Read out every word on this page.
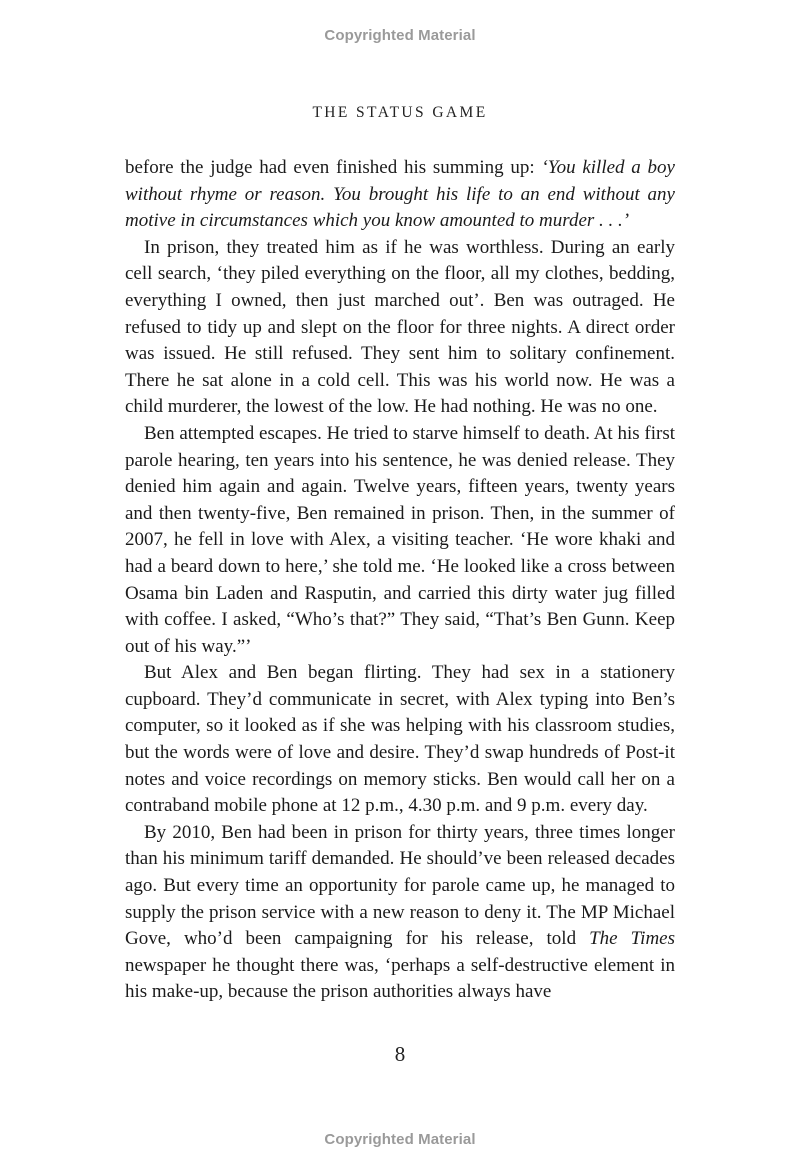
Copyrighted Material
THE STATUS GAME

before the judge had even finished his summing up: ‘You killed a boy without rhyme or reason. You brought his life to an end without any motive in circumstances which you know amounted to murder . . .’

In prison, they treated him as if he was worthless. During an early cell search, ‘they piled everything on the floor, all my clothes, bedding, everything I owned, then just marched out’. Ben was outraged. He refused to tidy up and slept on the floor for three nights. A direct order was issued. He still refused. They sent him to solitary confinement. There he sat alone in a cold cell. This was his world now. He was a child murderer, the lowest of the low. He had nothing. He was no one.

Ben attempted escapes. He tried to starve himself to death. At his first parole hearing, ten years into his sentence, he was denied release. They denied him again and again. Twelve years, fifteen years, twenty years and then twenty-five, Ben remained in prison. Then, in the summer of 2007, he fell in love with Alex, a visiting teacher. ‘He wore khaki and had a beard down to here,’ she told me. ‘He looked like a cross between Osama bin Laden and Rasputin, and carried this dirty water jug filled with coffee. I asked, “Who’s that?” They said, “That’s Ben Gunn. Keep out of his way.”’

But Alex and Ben began flirting. They had sex in a stationery cupboard. They’d communicate in secret, with Alex typing into Ben’s computer, so it looked as if she was helping with his classroom studies, but the words were of love and desire. They’d swap hundreds of Post-it notes and voice recordings on memory sticks. Ben would call her on a contraband mobile phone at 12 p.m., 4.30 p.m. and 9 p.m. every day.

By 2010, Ben had been in prison for thirty years, three times longer than his minimum tariff demanded. He should’ve been released decades ago. But every time an opportunity for parole came up, he managed to supply the prison service with a new reason to deny it. The MP Michael Gove, who’d been campaigning for his release, told The Times newspaper he thought there was, ‘perhaps a self-destructive element in his make-up, because the prison authorities always have

8
Copyrighted Material
